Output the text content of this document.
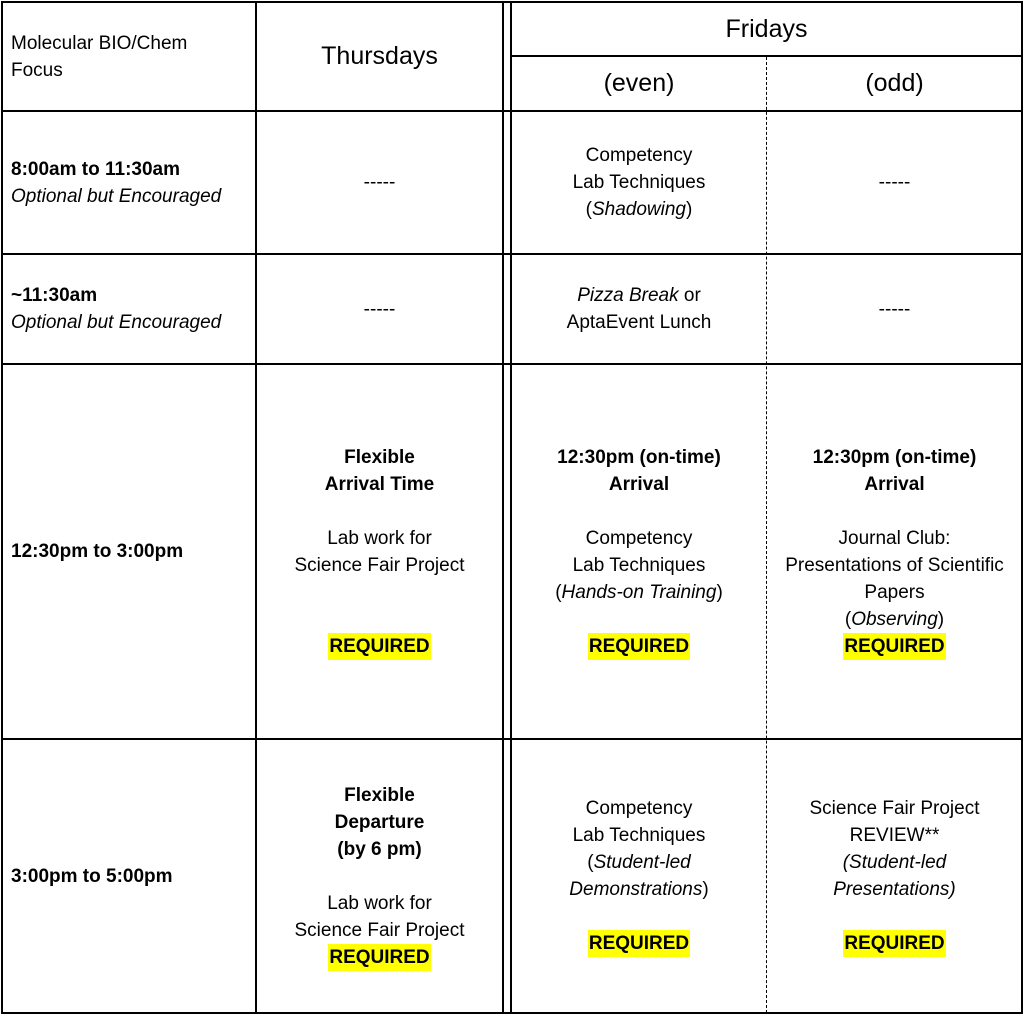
Molecular BIO/Chem
Focus	Thursdays
Fridays
(even)	(odd)
8:00am to 11:30am
Optional but Encouraged
-----
Competency
Lab Techniques
(Shadowing)
-----
~11:30am
Optional but Encouraged
-----
Pizza Break or
AptaEvent Lunch
-----
12:30pm to 3:00pm
Flexible
Arrival Time
Lab work for
Science Fair Project
REQUIRED
12:30pm (on-time)
Arrival
Competency
Lab Techniques
(Hands-on Training)
REQUIRED
12:30pm (on-time)
Arrival
Journal Club:
Presentations of Scientific
Papers
(Observing)
REQUIRED
3:00pm to 5:00pm
Flexible
Departure
(by 6 pm)
Lab work for
Science Fair Project
REQUIRED
Competency
Lab Techniques
(Student-led
Demonstrations)
REQUIRED
Science Fair Project
REVIEW**
(Student-led
Presentations)
REQUIRED
